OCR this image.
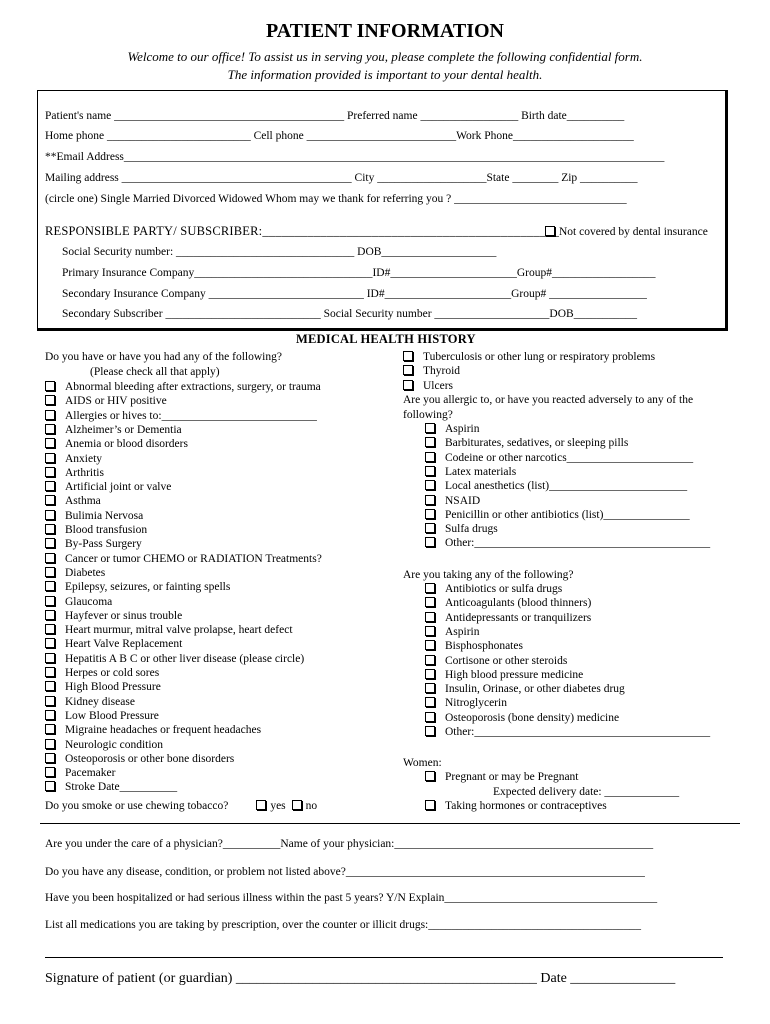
PATIENT INFORMATION
Welcome to our office! To assist us in serving you, please complete the following confidential form.
The information provided is important to your dental health.
Patient's name ________________________________________ Preferred name _________________ Birth date__________
Home phone _________________________ Cell phone __________________________Work Phone_____________________
**Email Address______________________________________________________________________________________________
Mailing address ________________________________________ City ___________________State ________ Zip __________
(circle one) Single Married Divorced Widowed Whom may we thank for referring you ? ______________________________
RESPONSIBLE PARTY/ SUBSCRIBER:______________________________________________ Not covered by dental insurance
Social Security number: _______________________________ DOB____________________
Primary Insurance Company_______________________________ID#______________________Group#__________________
Secondary Insurance Company ___________________________ ID#______________________Group# _________________
Secondary Subscriber ___________________________ Social Security number ____________________DOB___________
MEDICAL HEALTH HISTORY
Do you have or have you had any of the following?
(Please check all that apply)
Abnormal bleeding after extractions, surgery, or trauma
AIDS or HIV positive
Allergies or hives to:___________________________
Alzheimer’s or Dementia
Anemia or blood disorders
Anxiety
Arthritis
Artificial joint or valve
Asthma
Bulimia Nervosa
Blood transfusion
By-Pass Surgery
Cancer or tumor CHEMO or RADIATION Treatments?
Diabetes
Epilepsy, seizures, or fainting spells
Glaucoma
Hayfever or sinus trouble
Heart murmur, mitral valve prolapse, heart defect
Heart Valve Replacement
Hepatitis A B C or other liver disease (please circle)
Herpes or cold sores
High Blood Pressure
Kidney disease
Low Blood Pressure
Migraine headaches or frequent headaches
Neurologic condition
Osteoporosis or other bone disorders
Pacemaker
Stroke Date__________
Do you smoke or use chewing tobacco?	yes no
Tuberculosis or other lung or respiratory problems
Thyroid
Ulcers
Are you allergic to, or have you reacted adversely to any of the
following?
Aspirin
Barbiturates, sedatives, or sleeping pills
Codeine or other narcotics______________________
Latex materials
Local anesthetics (list)________________________
NSAID
Penicillin or other antibiotics (list)_______________
Sulfa drugs
Other:_________________________________________
Are you taking any of the following?
Antibiotics or sulfa drugs
Anticoagulants (blood thinners)
Antidepressants or tranquilizers
Aspirin
Bisphosphonates
Cortisone or other steroids
High blood pressure medicine
Insulin, Orinase, or other diabetes drug
Nitroglycerin
Osteoporosis (bone density) medicine
Other:_________________________________________
Women:
Pregnant or may be Pregnant
Expected delivery date: _____________
Taking hormones or contraceptives
Are you under the care of a physician?__________Name of your physician:_____________________________________________
Do you have any disease, condition, or problem not listed above?____________________________________________________
Have you been hospitalized or had serious illness within the past 5 years? Y/N Explain_____________________________________
List all medications you are taking by prescription, over the counter or illicit drugs:_____________________________________
Signature of patient (or guardian) ___________________________________________ Date _______________
